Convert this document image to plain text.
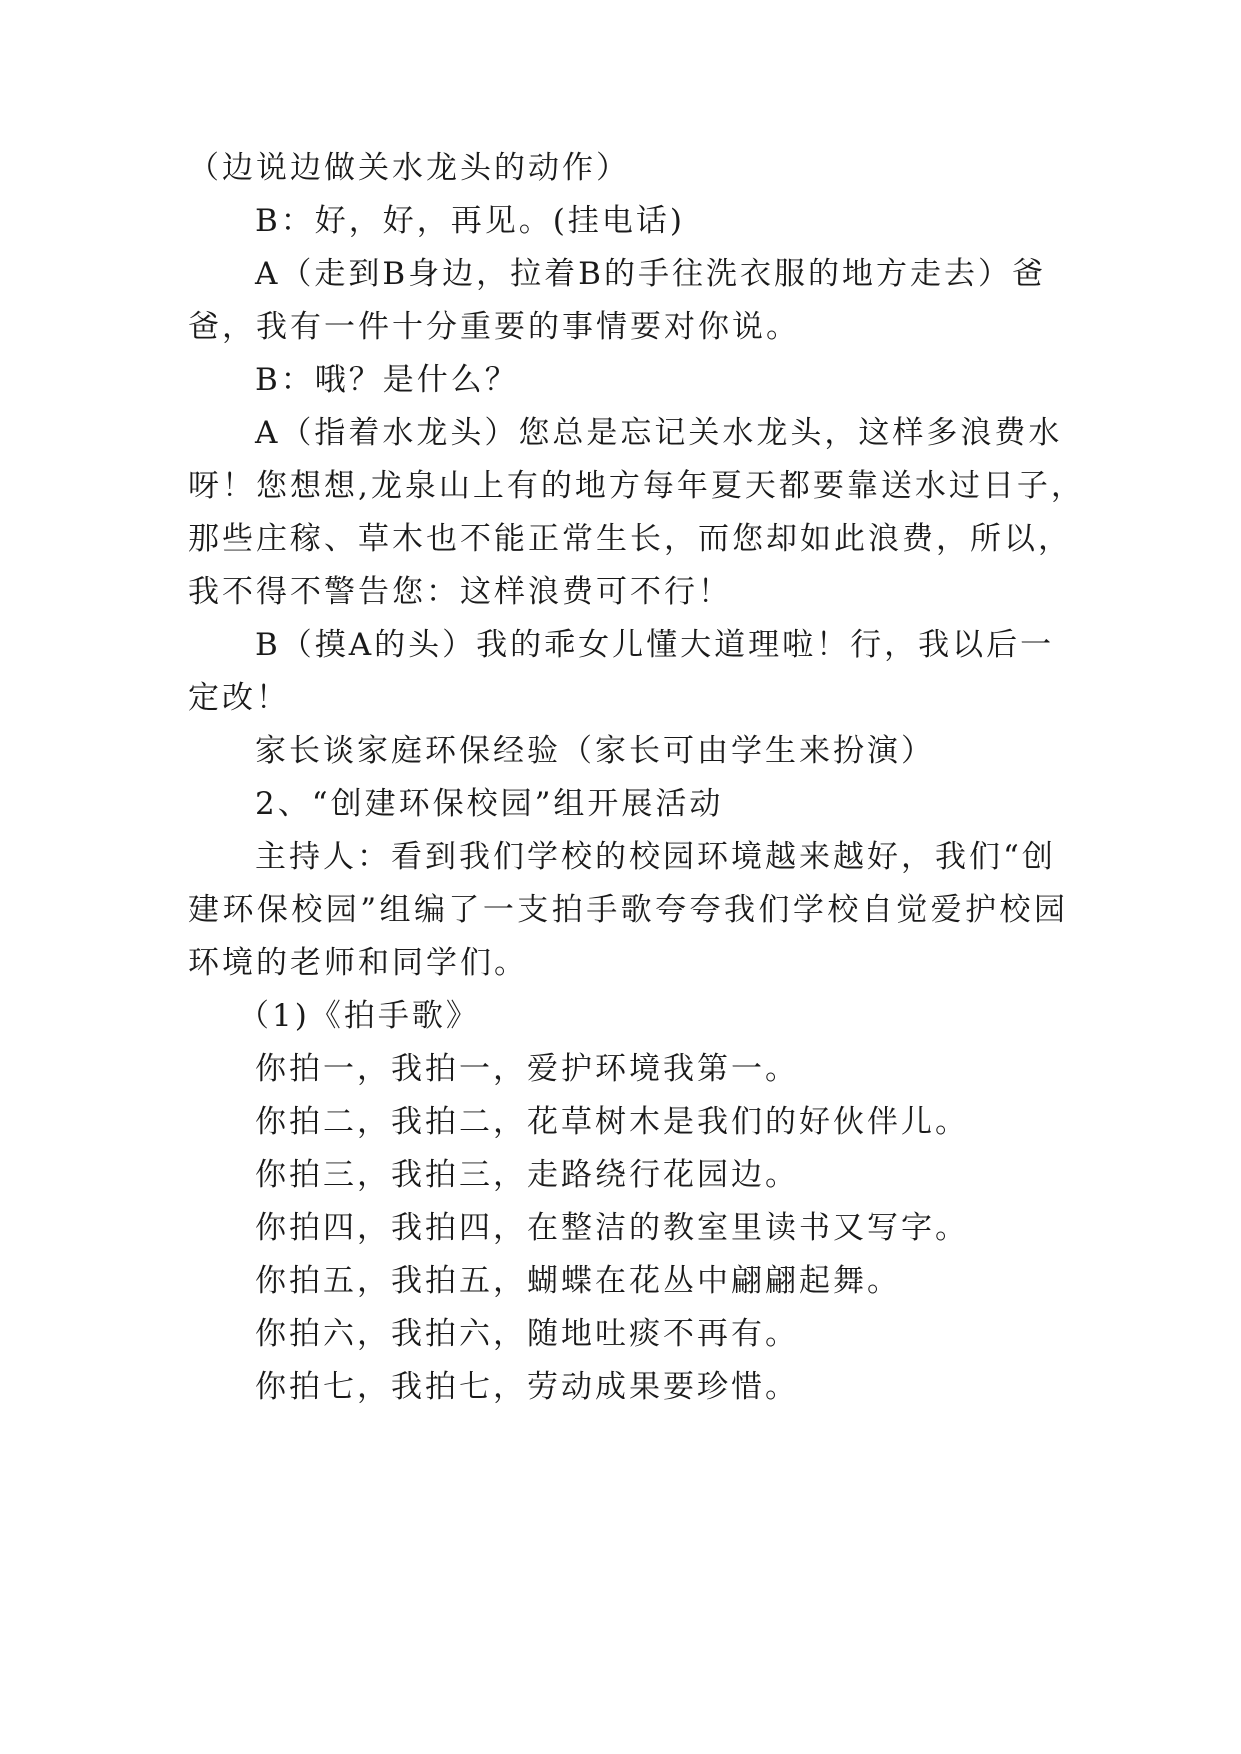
（边说边做关水龙头的动作）
B：好，好，再见。(挂电话)
A（走到B身边，拉着B的手往洗衣服的地方走去）爸
爸，我有一件十分重要的事情要对你说。
B：哦？是什么？
A（指着水龙头）您总是忘记关水龙头，这样多浪费水
呀！您想想,龙泉山上有的地方每年夏天都要靠送水过日子，
那些庄稼、草木也不能正常生长，而您却如此浪费，所以，
我不得不警告您：这样浪费可不行！
B（摸A的头）我的乖女儿懂大道理啦！行，我以后一
定改！
家长谈家庭环保经验（家长可由学生来扮演）
2、“创建环保校园”组开展活动
主持人：看到我们学校的校园环境越来越好，我们“创
建环保校园”组编了一支拍手歌夸夸我们学校自觉爱护校园
环境的老师和同学们。
（1)《拍手歌》
你拍一，我拍一，爱护环境我第一。
你拍二，我拍二，花草树木是我们的好伙伴儿。
你拍三，我拍三，走路绕行花园边。
你拍四，我拍四，在整洁的教室里读书又写字。
你拍五，我拍五，蝴蝶在花丛中翩翩起舞。
你拍六，我拍六，随地吐痰不再有。
你拍七，我拍七，劳动成果要珍惜。
